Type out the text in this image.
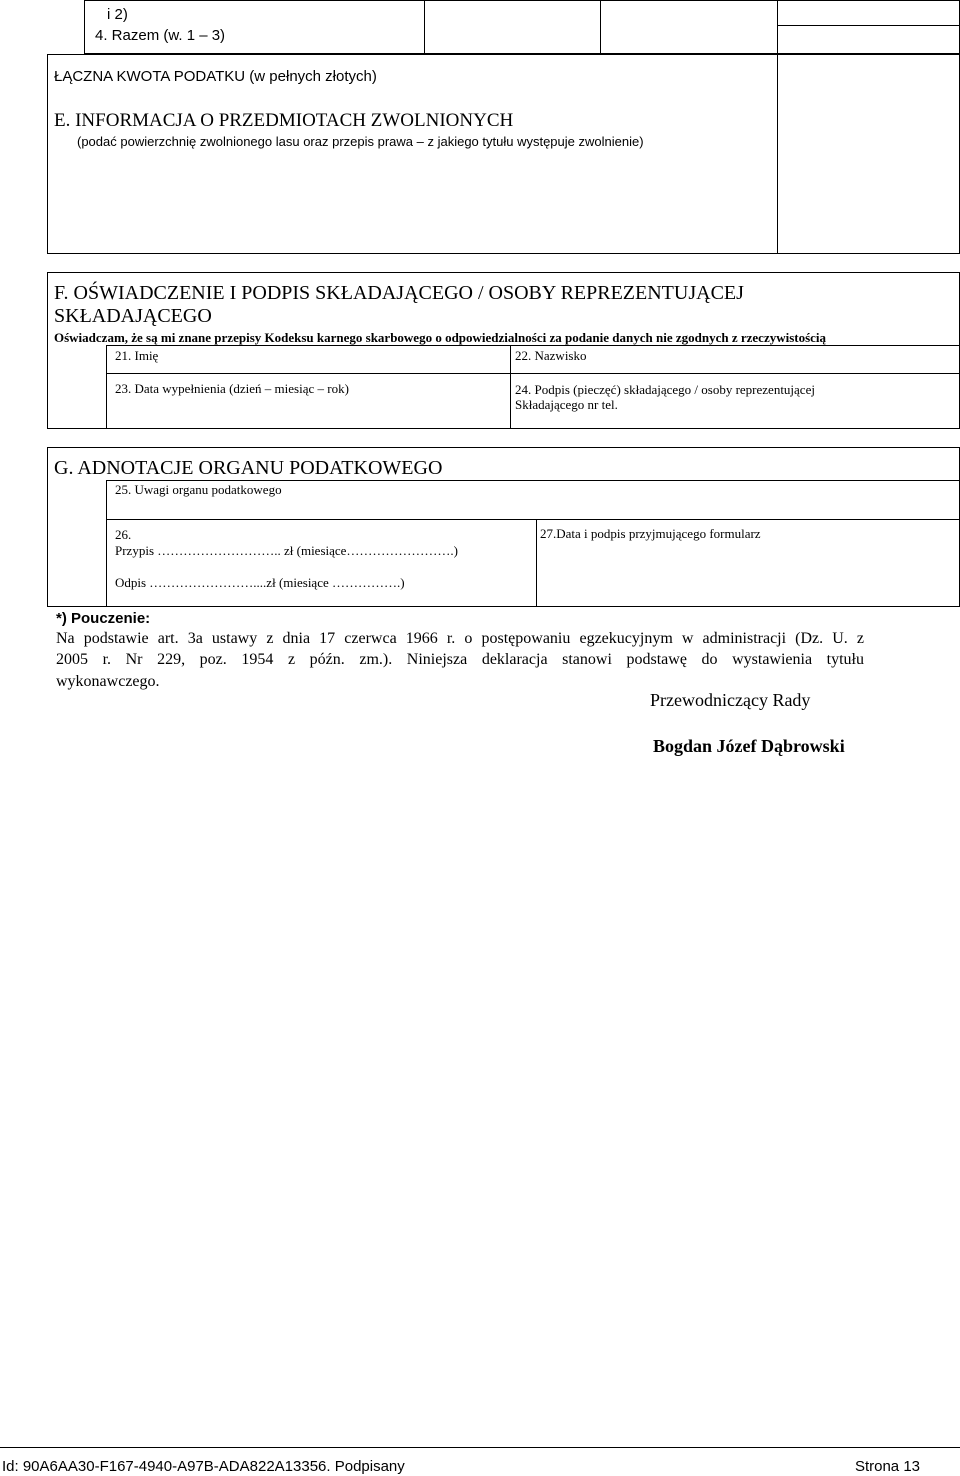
i 2)
4. Razem (w. 1 – 3)
ŁĄCZNA KWOTA PODATKU (w pełnych złotych)
E. INFORMACJA O PRZEDMIOTACH ZWOLNIONYCH
(podać powierzchnię zwolnionego lasu oraz przepis prawa – z jakiego tytułu występuje zwolnienie)
F. OŚWIADCZENIE I PODPIS SKŁADAJĄCEGO / OSOBY REPREZENTUJĄCEJ
SKŁADAJĄCEGO
Oświadczam, że są mi znane przepisy Kodeksu karnego skarbowego o odpowiedzialności za podanie danych nie zgodnych z rzeczywistością
21. Imię	22. Nazwisko
23. Data wypełnienia (dzień – miesiąc – rok)	24. Podpis (pieczęć) składającego / osoby reprezentującej
Składającego nr tel.
G. ADNOTACJE ORGANU PODATKOWEGO
25. Uwagi organu podatkowego
26.
Przypis ……………………….. zł (miesiące…………………….)
Odpis ……………………....zł (miesiące …………….)
27.Data i podpis przyjmującego formularz
*) Pouczenie:
Na podstawie art. 3a ustawy z dnia 17 czerwca 1966 r. o postępowaniu egzekucyjnym w administracji (Dz. U. z
2005 r. Nr 229, poz. 1954 z późn. zm.). Niniejsza deklaracja stanowi podstawę do wystawienia tytułu
wykonawczego.
Przewodniczący Rady
Bogdan Józef Dąbrowski
Id: 90A6AA30-F167-4940-A97B-ADA822A13356. Podpisany	Strona 13
